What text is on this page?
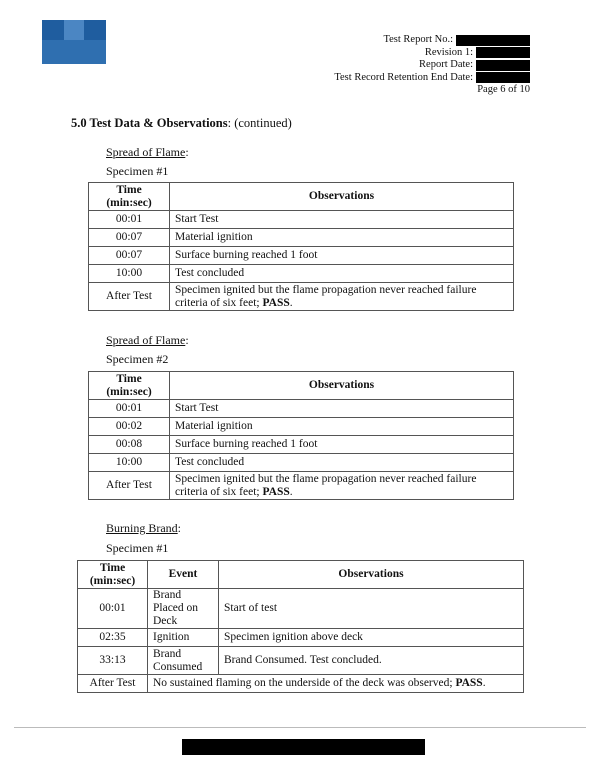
Test Report No.:
Revision 1:
Report Date:
Test Record Retention End Date:
Page 6 of 10
5.0 Test Data & Observations: (continued)
Spread of Flame:
Specimen #1
Time (min:sec)	Observations
00:01	Start Test
00:07	Material ignition
00:07	Surface burning reached 1 foot
10:00	Test concluded
After Test	Specimen ignited but the flame propagation never reached failure criteria of six feet; PASS.
Spread of Flame:
Specimen #2
Time (min:sec)	Observations
00:01	Start Test
00:02	Material ignition
00:08	Surface burning reached 1 foot
10:00	Test concluded
After Test	Specimen ignited but the flame propagation never reached failure criteria of six feet; PASS.
Burning Brand:
Specimen #1
Time (min:sec)	Event	Observations
00:01	Brand Placed on Deck	Start of test
02:35	Ignition	Specimen ignition above deck
33:13	Brand Consumed	Brand Consumed. Test concluded.
After Test	No sustained flaming on the underside of the deck was observed; PASS.	
